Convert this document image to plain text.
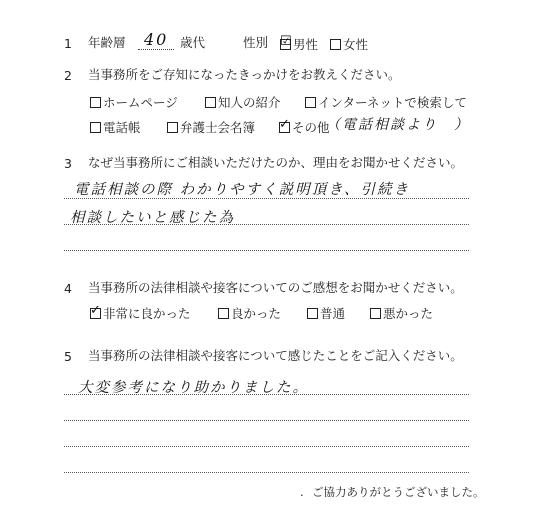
1 年齢層	40 歳代	性別 ☑ 男性	女性
2 当事務所をご存知になったきっかけをお教えください。
ホームページ	知人の紹介	インターネットで検索して
電話帳	弁護士会名簿 ✓ その他
（電話相談より　）
3 なぜ当事務所にご相談いただけたのか、理由をお聞かせください。
電話相談の際 わかりやすく説明頂き、引続き
相談したいと感じた為
4 当事務所の法律相談や接客についてのご感想をお聞かせください。
✓ 非常に良かった	良かった	普通	悪かった
5 当事務所の法律相談や接客について感じたことをご記入ください。
大変参考になり助かりました。
. ご協力ありがとうございました。
